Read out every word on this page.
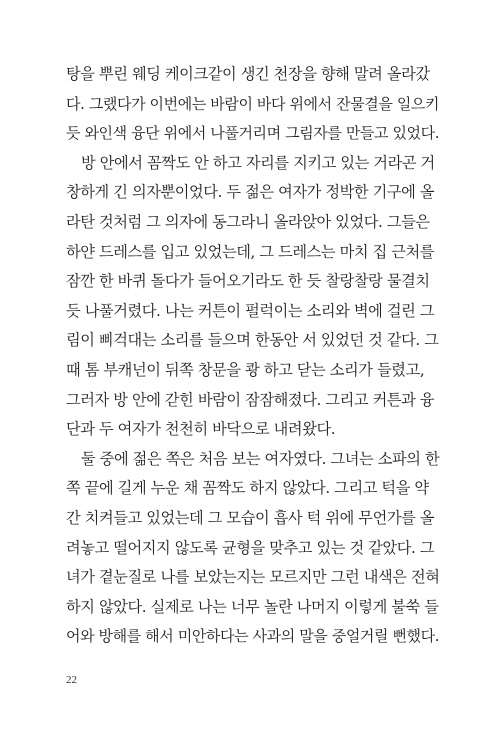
탕을 뿌린 웨딩 케이크같이 생긴 천장을 향해 말려 올라갔
다. 그랬다가 이번에는 바람이 바다 위에서 잔물결을 일으키
듯 와인색 융단 위에서 나풀거리며 그림자를 만들고 있었다.
방 안에서 꼼짝도 안 하고 자리를 지키고 있는 거라곤 거
창하게 긴 의자뿐이었다. 두 젊은 여자가 정박한 기구에 올
라탄 것처럼 그 의자에 동그라니 올라앉아 있었다. 그들은
하얀 드레스를 입고 있었는데, 그 드레스는 마치 집 근처를
잠깐 한 바퀴 돌다가 들어오기라도 한 듯 찰랑찰랑 물결치
듯 나풀거렸다. 나는 커튼이 펄럭이는 소리와 벽에 걸린 그
림이 삐걱대는 소리를 들으며 한동안 서 있었던 것 같다. 그
때 톰 부캐넌이 뒤쪽 창문을 쾅 하고 닫는 소리가 들렸고,
그러자 방 안에 갇힌 바람이 잠잠해졌다. 그리고 커튼과 융
단과 두 여자가 천천히 바닥으로 내려왔다.
둘 중에 젊은 쪽은 처음 보는 여자였다. 그녀는 소파의 한
쪽 끝에 길게 누운 채 꼼짝도 하지 않았다. 그리고 턱을 약
간 치켜들고 있었는데 그 모습이 흡사 턱 위에 무언가를 올
려놓고 떨어지지 않도록 균형을 맞추고 있는 것 같았다. 그
녀가 곁눈질로 나를 보았는지는 모르지만 그런 내색은 전혀
하지 않았다. 실제로 나는 너무 놀란 나머지 이렇게 불쑥 들
어와 방해를 해서 미안하다는 사과의 말을 중얼거릴 뻔했다.
22
